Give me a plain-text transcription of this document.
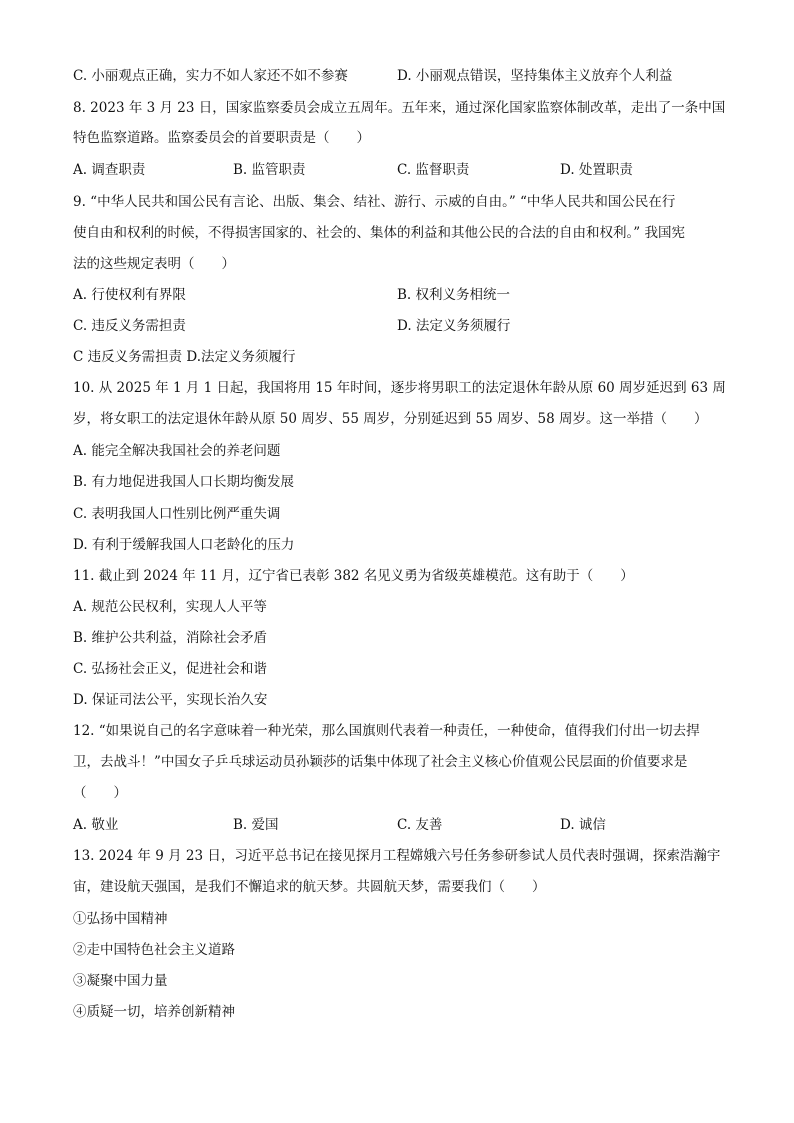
C. 小丽观点正确，实力不如人家还不如不参赛	D. 小丽观点错误，坚持集体主义放弃个人利益
8. 2023 年 3 月 23 日，国家监察委员会成立五周年。五年来，通过深化国家监察体制改革，走出了一条中国
特色监察道路。监察委员会的首要职责是（　　）
A. 调查职责	B. 监管职责	C. 监督职责	D. 处置职责
9. “中华人民共和国公民有言论、出版、集会、结社、游行、示威的自由。” “中华人民共和国公民在行
使自由和权利的时候，不得损害国家的、社会的、集体的利益和其他公民的合法的自由和权利。” 我国宪
法的这些规定表明（　　）
A. 行使权利有界限	B. 权利义务相统一
C. 违反义务需担责	D. 法定义务须履行
C 违反义务需担责 D.法定义务须履行
10. 从 2025 年 1 月 1 日起，我国将用 15 年时间，逐步将男职工的法定退休年龄从原 60 周岁延迟到 63 周
岁，将女职工的法定退休年龄从原 50 周岁、55 周岁，分别延迟到 55 周岁、58 周岁。这一举措（　　）
A. 能完全解决我国社会的养老问题
B. 有力地促进我国人口长期均衡发展
C. 表明我国人口性别比例严重失调
D. 有利于缓解我国人口老龄化的压力
11. 截止到 2024 年 11 月，辽宁省已表彰 382 名见义勇为省级英雄模范。这有助于（　　）
A. 规范公民权利，实现人人平等
B. 维护公共利益，消除社会矛盾
C. 弘扬社会正义，促进社会和谐
D. 保证司法公平，实现长治久安
12. “如果说自己的名字意味着一种光荣，那么国旗则代表着一种责任，一种使命，值得我们付出一切去捍
卫，去战斗！”中国女子乒乓球运动员孙颖莎的话集中体现了社会主义核心价值观公民层面的价值要求是
（　　）
A. 敬业	B. 爱国	C. 友善	D. 诚信
13. 2024 年 9 月 23 日，习近平总书记在接见探月工程嫦娥六号任务参研参试人员代表时强调，探索浩瀚宇
宙，建设航天强国，是我们不懈追求的航天梦。共圆航天梦，需要我们（　　）
①弘扬中国精神
②走中国特色社会主义道路
③凝聚中国力量
④质疑一切，培养创新精神
